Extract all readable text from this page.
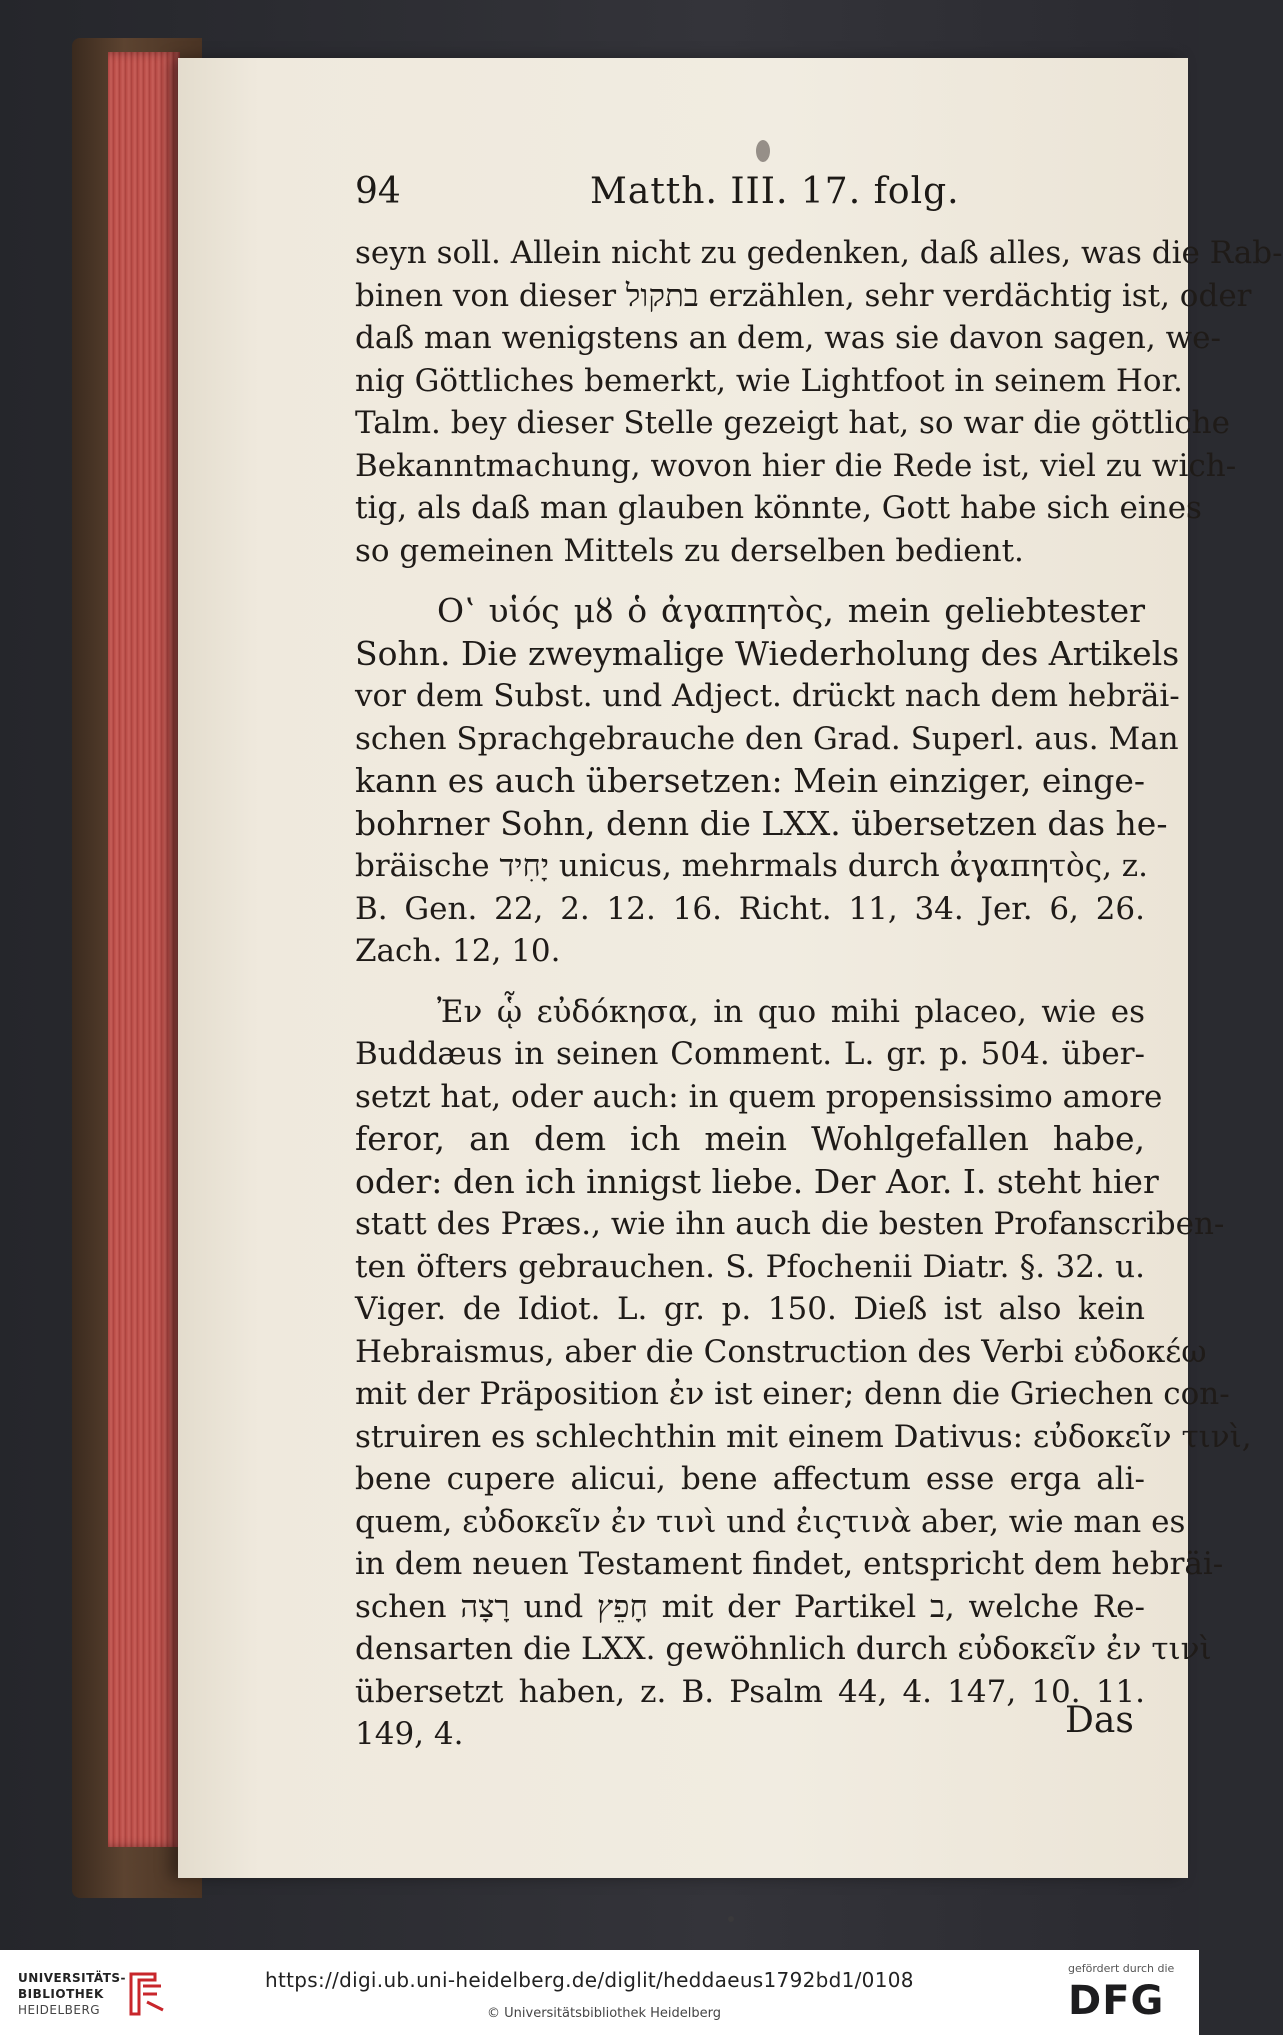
94	Matth. III. 17. folg.
seyn soll. Allein nicht zu gedenken, daß alles, was die Rab-
binen von dieser בתקול erzählen, sehr verdächtig ist, oder
daß man wenigstens an dem, was sie davon sagen, we-
nig Göttliches bemerkt, wie Lightfoot in seinem Hor.
Talm. bey dieser Stelle gezeigt hat, so war die göttliche
Bekanntmachung, wovon hier die Rede ist, viel zu wich-
tig, als daß man glauben könnte, Gott habe sich eines
so gemeinen Mittels zu derselben bedient.
Oʽ υἱός μȣ ὁ ἀγαπητὸς, mein geliebtester
Sohn. Die zweymalige Wiederholung des Artikels
vor dem Subst. und Adject. drückt nach dem hebräi-
schen Sprachgebrauche den Grad. Superl. aus. Man
kann es auch übersetzen: Mein einziger, einge-
bohrner Sohn, denn die LXX. übersetzen das he-
bräische יָחִיד unicus, mehrmals durch ἀγαπητὸς, z.
B. Gen. 22, 2. 12. 16. Richt. 11, 34. Jer. 6, 26.
Zach. 12, 10.
Ἐν ᾧ εὐδόκησα, in quo mihi placeo, wie es
Buddæus in seinen Comment. L. gr. p. 504. über-
setzt hat, oder auch: in quem propensissimo amore
feror, an dem ich mein Wohlgefallen habe,
oder: den ich innigst liebe. Der Aor. I. steht hier
statt des Præs., wie ihn auch die besten Profanscriben-
ten öfters gebrauchen. S. Pfochenii Diatr. §. 32. u.
Viger. de Idiot. L. gr. p. 150. Dieß ist also kein
Hebraismus, aber die Construction des Verbi εὐδοκέω
mit der Präposition ἐν ist einer; denn die Griechen con-
struiren es schlechthin mit einem Dativus: εὐδοκεῖν τινὶ,
bene cupere alicui, bene affectum esse erga ali-
quem, εὐδοκεῖν ἐν τινὶ und ἐιςτινὰ aber, wie man es
in dem neuen Testament findet, entspricht dem hebräi-
schen רָצָה und חָפֵץ mit der Partikel ב, welche Re-
densarten die LXX. gewöhnlich durch εὐδοκεῖν ἐν τινὶ
übersetzt haben, z. B. Psalm 44, 4. 147, 10. 11.
149, 4.	Das
UNIVERSITÄTS-
BIBLIOTHEK
HEIDELBERG
https://digi.ub.uni-heidelberg.de/diglit/heddaeus1792bd1/0108
© Universitätsbibliothek Heidelberg
gefördert durch die
DFG
